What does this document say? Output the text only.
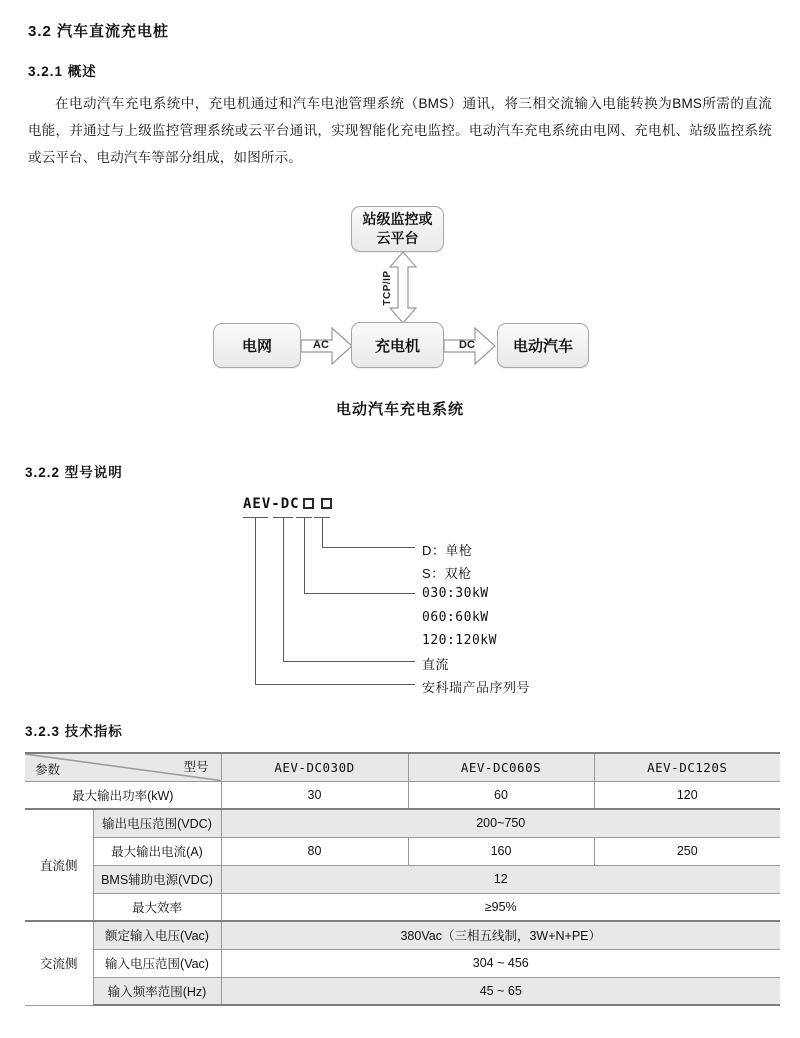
3.2 汽车直流充电桩
3.2.1 概述
在电动汽车充电系统中，充电机通过和汽车电池管理系统（BMS）通讯，将三相交流输入电能转换为BMS所需的直流电能，并通过与上级监控管理系统或云平台通讯，实现智能化充电监控。电动汽车充电系统由电网、充电机、站级监控系统或云平台、电动汽车等部分组成，如图所示。
站级监控或
云平台
TCP/IP
电网	AC	充电机	DC	电动汽车
电动汽车充电系统
3.2.2 型号说明
AEV-DC
D：单枪
S：双枪
030:30kW
060:60kW
120:120kW
直流
安科瑞产品序列号
3.2.3 技术指标
型号
参数		AEV-DC030D	AEV-DC060S	AEV-DC120S
最大输出功率(kW)		30	60	120
直流侧	输出电压范围(VDC)	200~750		
	最大输出电流(A)	80	160	250
	BMS辅助电源(VDC)	12		
	最大效率	≥95%		
交流侧	额定输入电压(Vac)	380Vac（三相五线制，3W+N+PE）		
	输入电压范围(Vac)	304 ~ 456		
	输入频率范围(Hz)	45 ~ 65		
